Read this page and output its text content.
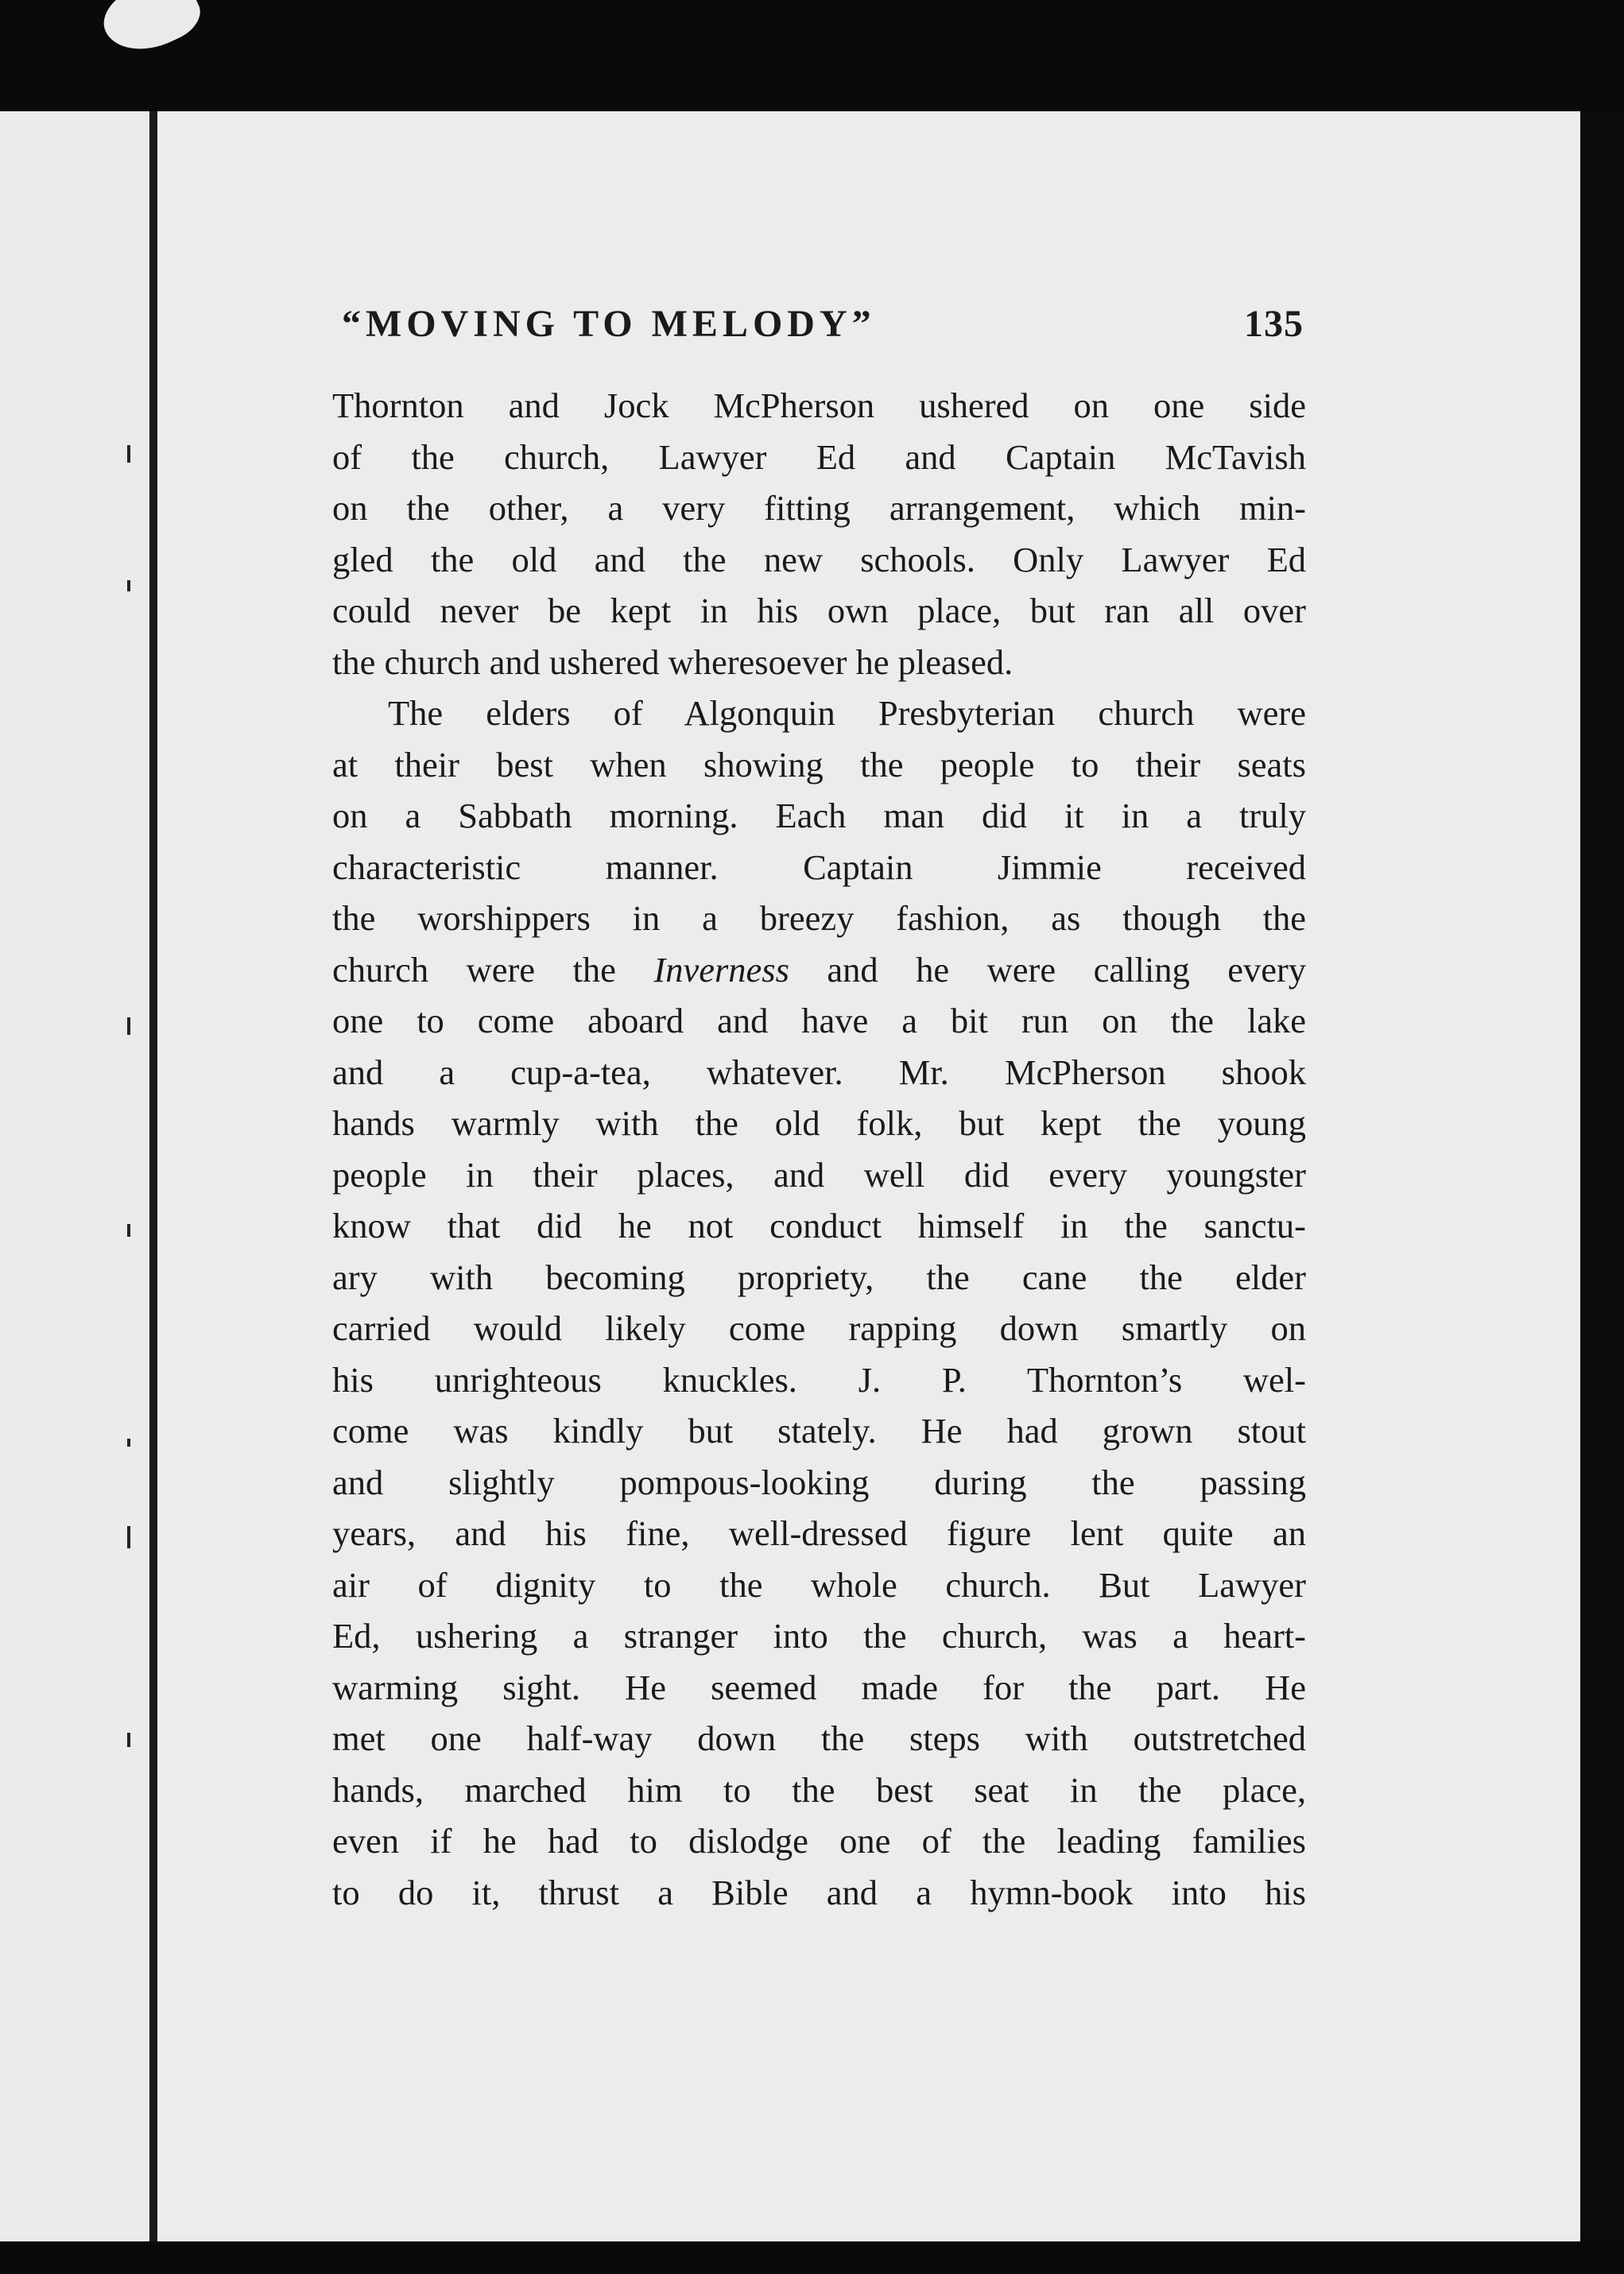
“MOVING TO MELODY”	135
Thornton and Jock McPherson ushered on one side
of the church, Lawyer Ed and Captain McTavish
on the other, a very fitting arrangement, which min-
gled the old and the new schools. Only Lawyer Ed
could never be kept in his own place, but ran all over
the church and ushered wheresoever he pleased.
The elders of Algonquin Presbyterian church were
at their best when showing the people to their seats
on a Sabbath morning. Each man did it in a truly
characteristic manner. Captain Jimmie received
the worshippers in a breezy fashion, as though the
church were the Inverness and he were calling every
one to come aboard and have a bit run on the lake
and a cup-a-tea, whatever. Mr. McPherson shook
hands warmly with the old folk, but kept the young
people in their places, and well did every youngster
know that did he not conduct himself in the sanctu-
ary with becoming propriety, the cane the elder
carried would likely come rapping down smartly on
his unrighteous knuckles. J. P. Thornton’s wel-
come was kindly but stately. He had grown stout
and slightly pompous-looking during the passing
years, and his fine, well-dressed figure lent quite an
air of dignity to the whole church. But Lawyer
Ed, ushering a stranger into the church, was a heart-
warming sight. He seemed made for the part. He
met one half-way down the steps with outstretched
hands, marched him to the best seat in the place,
even if he had to dislodge one of the leading families
to do it, thrust a Bible and a hymn-book into his
